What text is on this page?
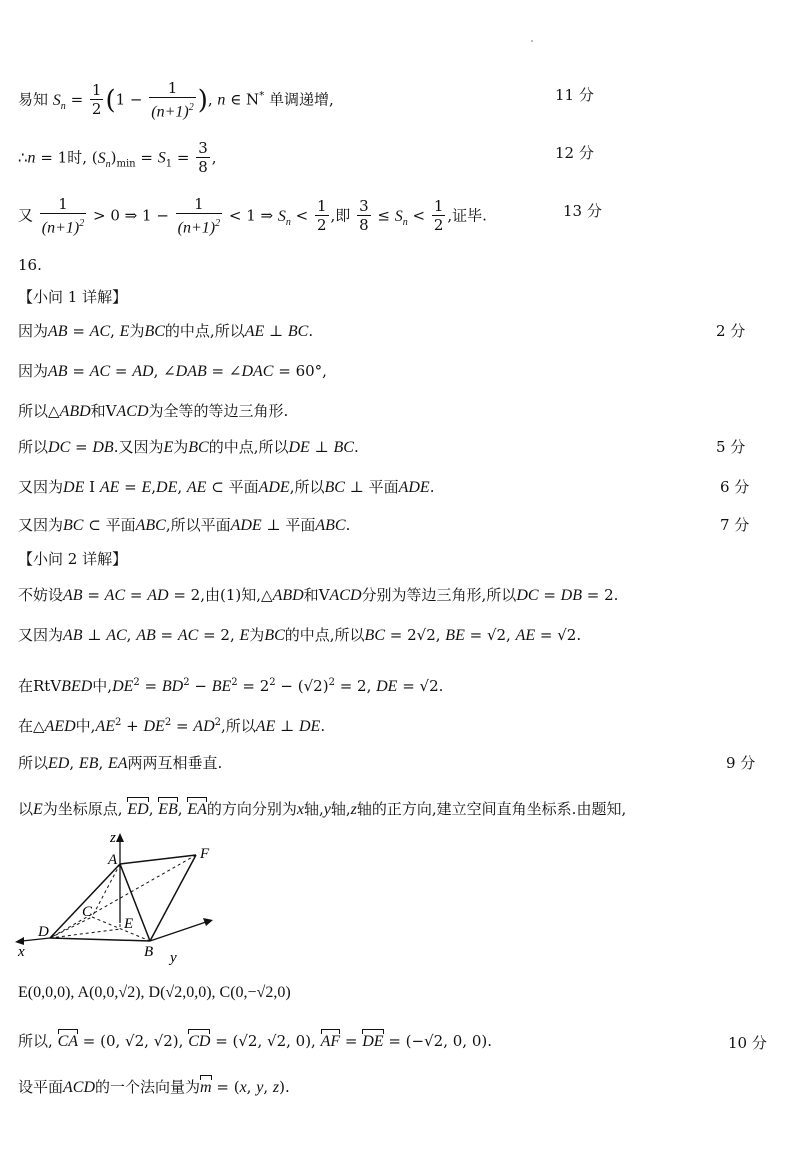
易知 $S_n = \frac{1}{2} (1 - \frac{1}{(n+1)^2}$ ), n ∈ N* 单调递增,	11 分
∴n = 1时, $(S_n)_{min} = S_1 = \frac{3}{8}$ ,	12 分
又 $\frac{1}{(n+1)^2} > 0$ ⇒ $1 - \frac{1}{(n+1)^2} < 1$ ⇒ $S_n < \frac{1}{2}$ ,即 $\frac{3}{8} \le S_n < \frac{1}{2}$ ,证毕.	13 分
16.
【小问 1 详解】
因为AB = AC, E为BC的中点,所以AE ⊥ BC.	2 分
因为AB = AC = AD, ∠DAB = ∠DAC = 60°,
所以△ABD和VACD为全等的等边三角形.
所以DC = DB.又因为E为BC的中点,所以DE ⊥ BC.	5 分
又因为DE I AE = E,DE, AE ⊂ 平面ADE,所以BC ⊥ 平面ADE.	6 分
又因为BC ⊂ 平面ABC,所以平面ADE ⊥ 平面ABC.	7 分
【小问 2 详解】
不妨设AB = AC = AD = 2,由(1)知,△ABD和VACD分别为等边三角形,所以DC = DB = 2.
又因为AB ⊥ AC, AB = AC = 2, E为BC的中点,所以BC = 2√2, BE = √2, AE = √2.
在RtVBED中$,DE^2 = BD^2 - BE^2 = 2^2 - (√2)^2 = 2$, DE = √2.
在△AED中$,AE^2 + DE^2 = AD^2$,所以AE ⊥ DE.
所以ED, EB, EA两两互相垂直.	9 分
以E为坐标原点, ED, EB, EA的方向分别为x轴,y轴,z轴的正方向,建立空间直角坐标系.由题知,
z
A	F
C
E
D
x	B y
E(0,0,0), A(0,0,√2), D(√2,0,0), C(0,−√2,0)
所以, CA = (0, √2, √2), CD = (√2, √2, 0), AF = DE = (−√2, 0, 0).	10 分
设平面ACD的一个法向量为m = (x, y, z).
